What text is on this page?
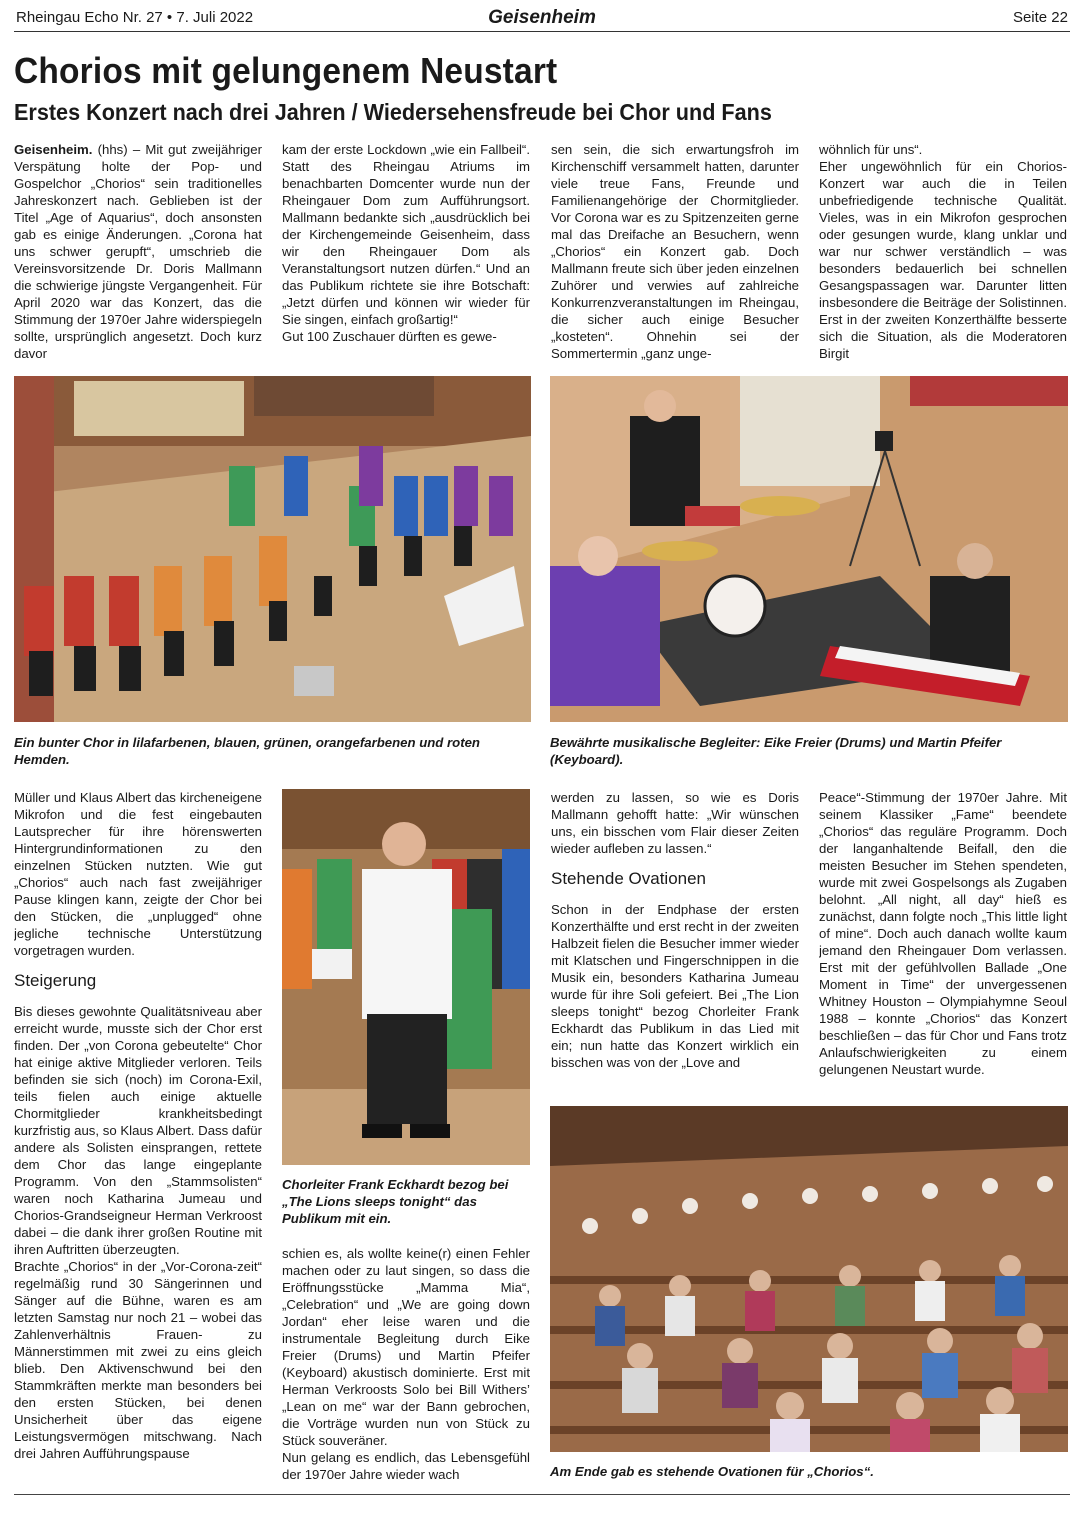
Rheingau Echo Nr. 27 • 7. Juli 2022	Geisenheim	Seite 22
Chorios mit gelungenem Neustart
Erstes Konzert nach drei Jahren / Wiedersehensfreude bei Chor und Fans

Geisenheim. (hhs) – Mit gut zweijähriger Verspätung holte der Pop- und Gospelchor „Chorios“ sein traditionelles Jahreskonzert nach. Geblieben ist der Titel „Age of Aquarius“, doch ansonsten gab es einige Änderungen. „Corona hat uns schwer gerupft“, umschrieb die Vereinsvorsitzende Dr. Doris Mallmann die schwierige jüngste Vergangenheit. Für April 2020 war das Konzert, das die Stimmung der 1970er Jahre widerspiegeln sollte, ursprünglich angesetzt. Doch kurz davor

kam der erste Lockdown „wie ein Fallbeil“. Statt des Rheingau Atriums im benachbarten Domcenter wurde nun der Rheingauer Dom zum Aufführungsort. Mallmann bedankte sich „ausdrücklich bei der Kirchengemeinde Geisenheim, dass wir den Rheingauer Dom als Veranstaltungsort nutzen dürfen.“ Und an das Publikum richtete sie ihre Botschaft: „Jetzt dürfen und können wir wieder für Sie singen, einfach großartig!“

Gut 100 Zuschauer dürften es gewe-

sen sein, die sich erwartungsfroh im Kirchenschiff versammelt hatten, darunter viele treue Fans, Freunde und Familienangehörige der Chormitglieder. Vor Corona war es zu Spitzenzeiten gerne mal das Dreifache an Besuchern, wenn „Chorios“ ein Konzert gab. Doch Mallmann freute sich über jeden einzelnen Zuhörer und verwies auf zahlreiche Konkurrenzveranstaltungen im Rheingau, die sicher auch einige Besucher „kosteten“. Ohnehin sei der Sommertermin „ganz unge-

wöhnlich für uns“.

Eher ungewöhnlich für ein Chorios-Konzert war auch die in Teilen unbefriedigende technische Qualität. Vieles, was in ein Mikrofon gesprochen oder gesungen wurde, klang unklar und war nur schwer verständlich – was besonders bedauerlich bei schnellen Gesangspassagen war. Darunter litten insbesondere die Beiträge der Solistinnen. Erst in der zweiten Konzerthälfte besserte sich die Situation, als die Moderatoren Birgit

Ein bunter Chor in lilafarbenen, blauen, grünen, orangefarbenen und roten Hemden.
Bewährte musikalische Begleiter: Eike Freier (Drums) und Martin Pfeifer (Keyboard).

Müller und Klaus Albert das kircheneigene Mikrofon und die fest eingebauten Lautsprecher für ihre hörenswerten Hintergrundinformationen zu den einzelnen Stücken nutzten. Wie gut „Chorios“ auch nach fast zweijähriger Pause klingen kann, zeigte der Chor bei den Stücken, die „unplugged“ ohne jegliche technische Unterstützung vorgetragen wurden.

Steigerung

Bis dieses gewohnte Qualitätsniveau aber erreicht wurde, musste sich der Chor erst finden. Der „von Corona gebeutelte“ Chor hat einige aktive Mitglieder verloren. Teils befinden sie sich (noch) im Corona-Exil, teils fielen auch einige aktuelle Chormitglieder krankheitsbedingt kurzfristig aus, so Klaus Albert. Dass dafür andere als Solisten einsprangen, rettete dem Chor das lange eingeplante Programm. Von den „Stammsolisten“ waren noch Katharina Jumeau und Chorios-Grandseigneur Herman Verkroost dabei – die dank ihrer großen Routine mit ihren Auftritten überzeugten.

Brachte „Chorios“ in der „Vor-Corona-zeit“ regelmäßig rund 30 Sängerinnen und Sänger auf die Bühne, waren es am letzten Samstag nur noch 21 – wobei das Zahlenverhältnis Frauen- zu Männerstimmen mit zwei zu eins gleich blieb. Den Aktivenschwund bei den Stammkräften merkte man besonders bei den ersten Stücken, bei denen Unsicherheit über das eigene Leistungsvermögen mitschwang. Nach drei Jahren Aufführungspause

Chorleiter Frank Eckhardt bezog bei „The Lions sleeps tonight“ das Publikum mit ein.

schien es, als wollte keine(r) einen Fehler machen oder zu laut singen, so dass die Eröffnungsstücke „Mamma Mia“, „Celebration“ und „We are going down Jordan“ eher leise waren und die instrumentale Begleitung durch Eike Freier (Drums) und Martin Pfeifer (Keyboard) akustisch dominierte. Erst mit Herman Verkroosts Solo bei Bill Withers’ „Lean on me“ war der Bann gebrochen, die Vorträge wurden nun von Stück zu Stück souveräner.

Nun gelang es endlich, das Lebensgefühl der 1970er Jahre wieder wach

werden zu lassen, so wie es Doris Mallmann gehofft hatte: „Wir wünschen uns, ein bisschen vom Flair dieser Zeiten wieder aufleben zu lassen.“

Stehende Ovationen

Schon in der Endphase der ersten Konzerthälfte und erst recht in der zweiten Halbzeit fielen die Besucher immer wieder mit Klatschen und Fingerschnippen in die Musik ein, besonders Katharina Jumeau wurde für ihre Soli gefeiert. Bei „The Lion sleeps tonight“ bezog Chorleiter Frank Eckhardt das Publikum in das Lied mit ein; nun hatte das Konzert wirklich ein bisschen was von der „Love and

Peace“-Stimmung der 1970er Jahre. Mit seinem Klassiker „Fame“ beendete „Chorios“ das reguläre Programm. Doch der langanhaltende Beifall, den die meisten Besucher im Stehen spendeten, wurde mit zwei Gospelsongs als Zugaben belohnt. „All night, all day“ hieß es zunächst, dann folgte noch „This little light of mine“. Doch auch danach wollte kaum jemand den Rheingauer Dom verlassen. Erst mit der gefühlvollen Ballade „One Moment in Time“ der unvergessenen Whitney Houston – Olympiahymne Seoul 1988 – konnte „Chorios“ das Konzert beschließen – das für Chor und Fans trotz Anlaufschwierigkeiten zu einem gelungenen Neustart wurde.

Am Ende gab es stehende Ovationen für „Chorios“.
